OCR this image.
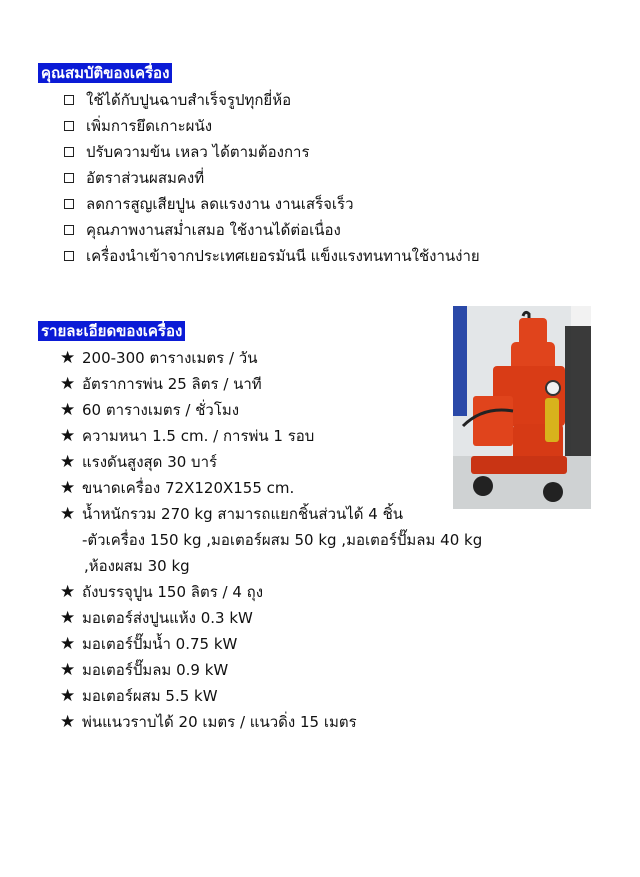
คุณสมบัติของเครื่อง
ใช้ได้กับปูนฉาบสำเร็จรูปทุกยี่ห้อ
เพิ่มการยึดเกาะผนัง
ปรับความข้น เหลว ได้ตามต้องการ
อัตราส่วนผสมคงที่
ลดการสูญเสียปูน ลดแรงงาน งานเสร็จเร็ว
คุณภาพงานสม่ำเสมอ ใช้งานได้ต่อเนื่อง
เครื่องนำเข้าจากประเทศเยอรมันนี แข็งแรงทนทานใช้งานง่าย
รายละเอียดของเครื่อง
★ 200-300 ตารางเมตร / วัน
★ อัตราการพ่น 25 ลิตร / นาที
★ 60 ตารางเมตร / ชั่วโมง
★ ความหนา 1.5 cm. / การพ่น 1 รอบ
★ แรงดันสูงสุด 30 บาร์
★ ขนาดเครื่อง 72X120X155 cm.
★ น้ำหนักรวม 270 kg สามารถแยกชิ้นส่วนได้ 4 ชิ้น
-ตัวเครื่อง 150 kg ,มอเตอร์ผสม 50 kg ,มอเตอร์ปั๊มลม 40 kg
,ห้องผสม 30 kg
★ ถังบรรจุปูน 150 ลิตร / 4 ถุง
★ มอเตอร์ส่งปูนแห้ง 0.3 kW
★ มอเตอร์ปั๊มน้ำ 0.75 kW
★ มอเตอร์ปั๊มลม 0.9 kW
★ มอเตอร์ผสม 5.5 kW
★ พ่นแนวราบได้ 20 เมตร / แนวดิ่ง 15 เมตร
